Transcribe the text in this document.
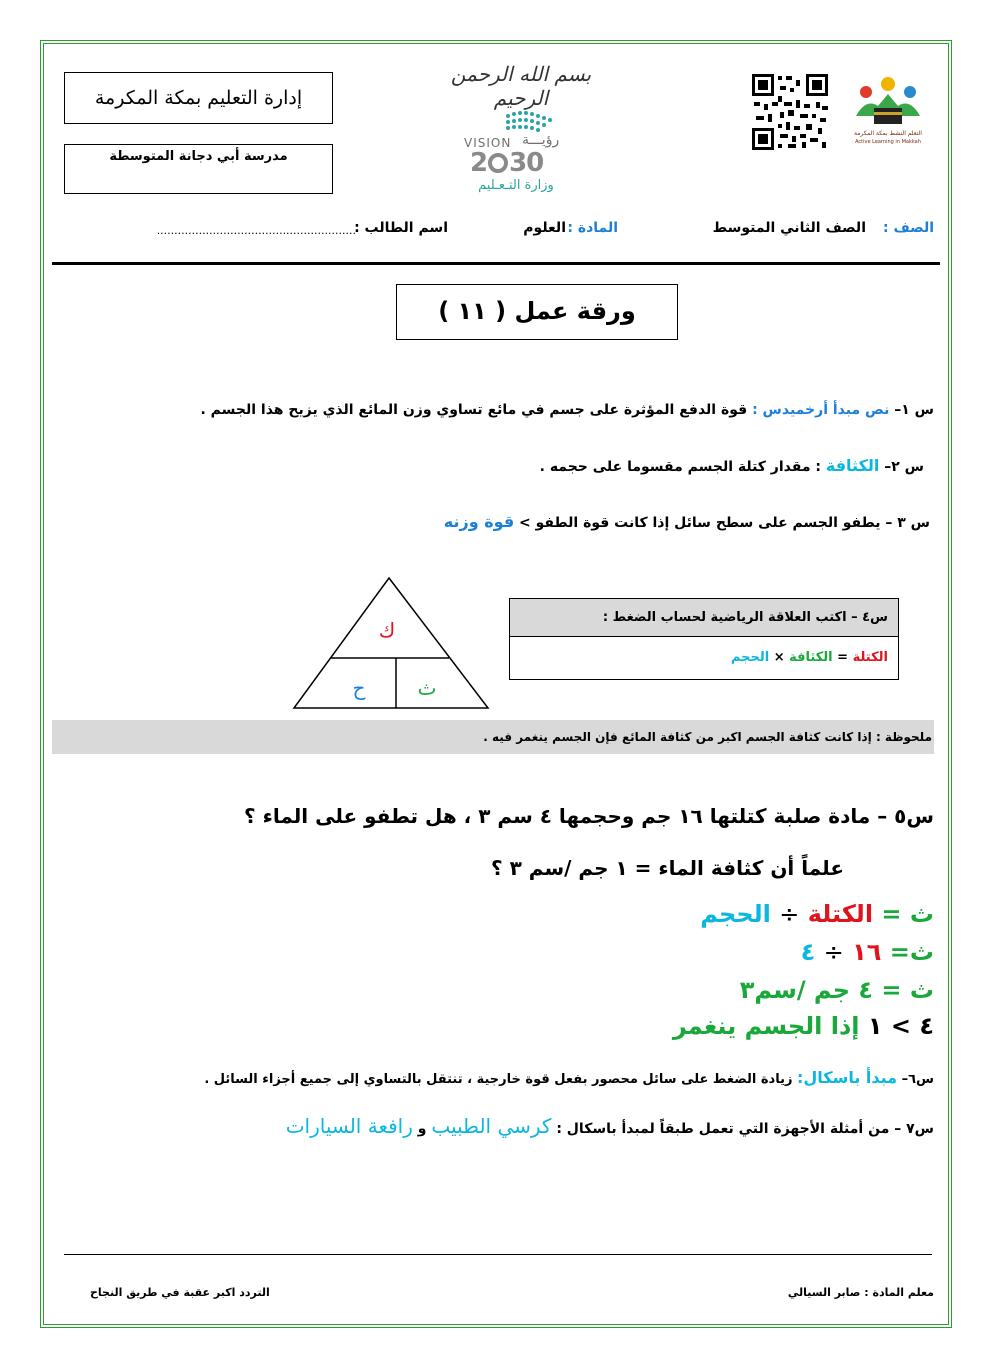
إدارة التعليم بمكة المكرمة
مدرسة أبي دجانة المتوسطة
بسم الله الرحمن الرحيم
VISION رؤيـــة
2 30
وزارة التـعـليم
التعلم النشط بمكة المكرمة
Active Learning in Makkah
الصف :
الصف الثاني المتوسط
المادة :
العلوم
اسم الطالب :
.........................................................
ورقة عمل ( ١١ )
س ١– نص مبدأ أرخميدس : قوة الدفع المؤثرة على جسم في مائع تساوي وزن المائع الذي يزيح هذا الجسم .
س ٢– الكثافة : مقدار كتلة الجسم مقسوما على حجمه .
س ٣ – يطفو الجسم على سطح سائل إذا كانت قوة الطفو > قوة وزنه
ك
ح	ث
س٤ – اكتب العلاقة الرياضية لحساب الضغط :
الكتلة = الكثافة × الحجم
ملحوظة : إذا كانت كثافة الجسم اكبر من كثافة المائع فإن الجسم ينغمر فيه .
س٥ – مادة صلبة كتلتها ١٦ جم وحجمها ٤ سم ٣ ، هل تطفو على الماء ؟
علماً أن كثافة الماء = ١ جم /سم ٣ ؟
ث = الكتلة ÷ الحجم
ث= ١٦ ÷ ٤
ث = ٤ جم /سم٣
٤ > ١ إذا الجسم ينغمر
س٦– مبدأ باسكال: زيادة الضغط على سائل محصور بفعل قوة خارجية ، تنتقل بالتساوي إلى جميع أجزاء السائل .
س٧ – من أمثلة الأجهزة التي تعمل طبقاً لمبدأ باسكال : كرسي الطبيب و رافعة السيارات
معلم المادة : صابر السيالي
التردد اكبر عقبة في طريق النجاح
